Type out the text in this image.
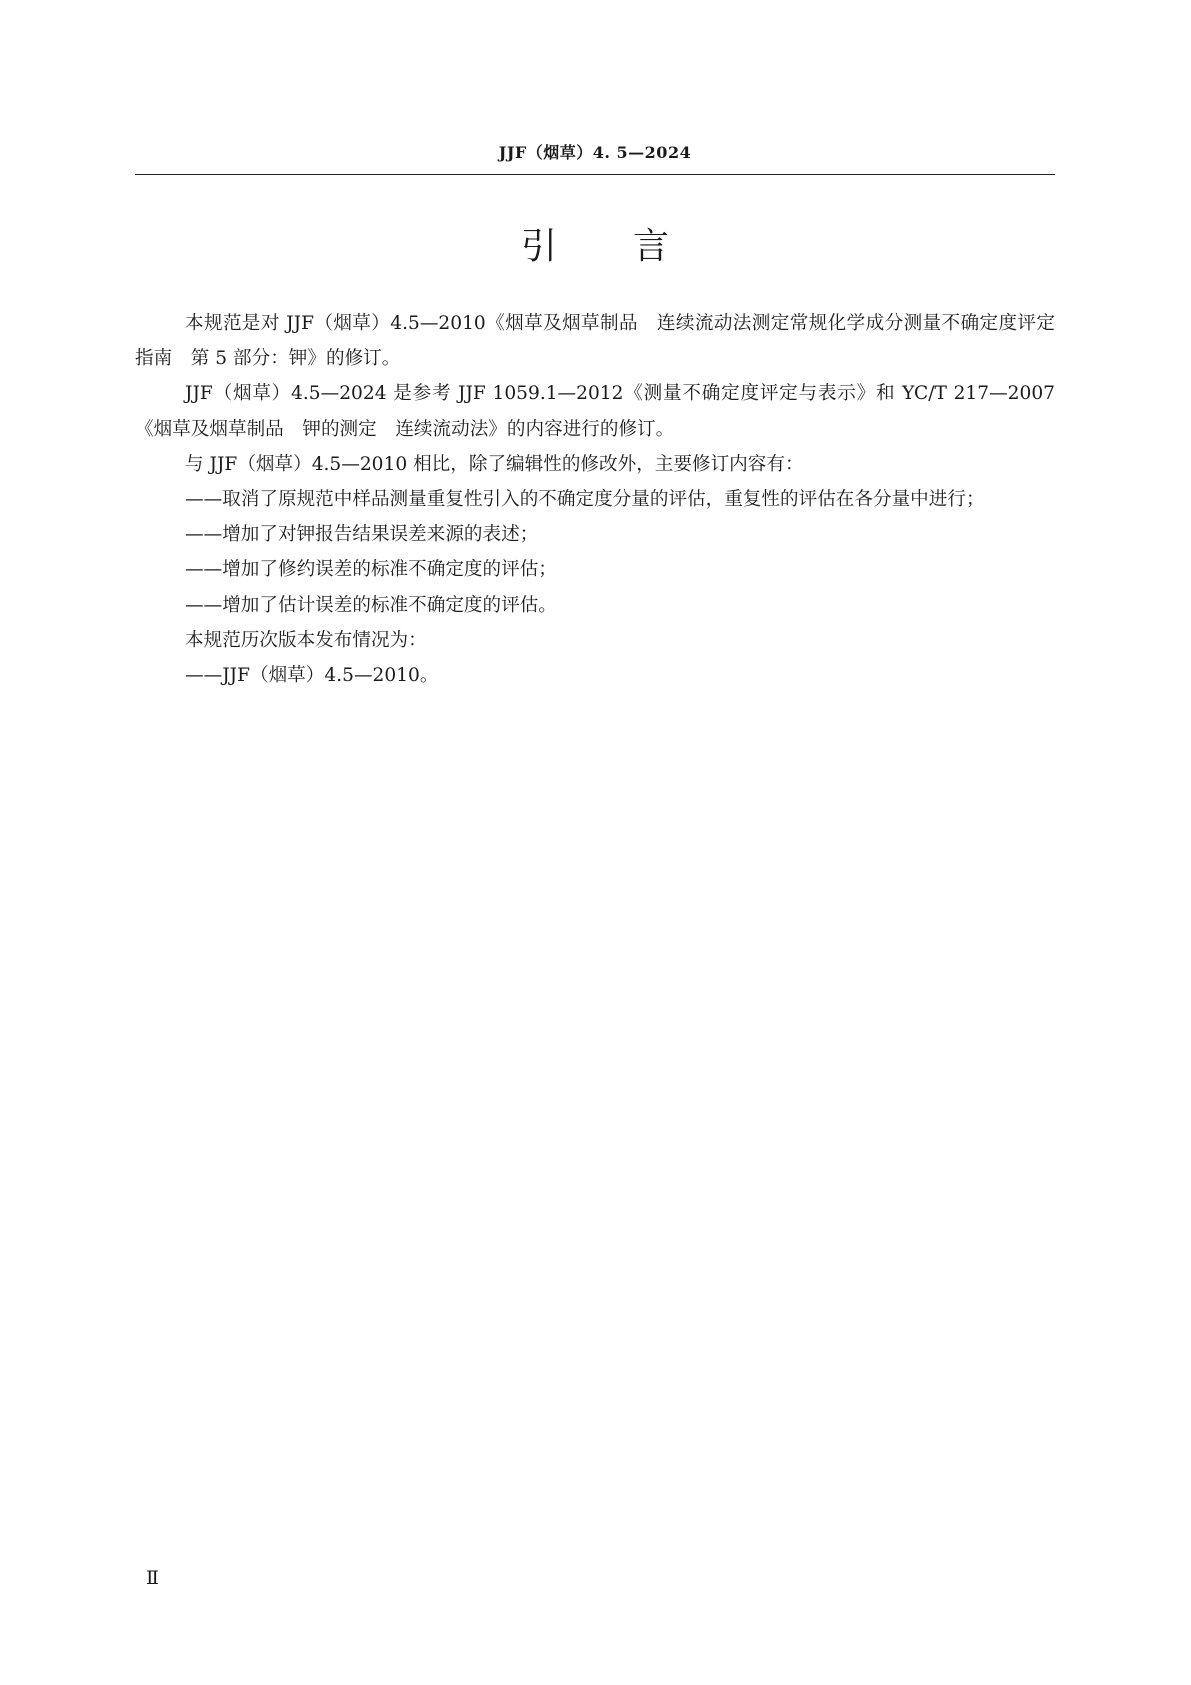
JJF（烟草）4. 5—2024
引言

本规范是对 JJF（烟草）4.5—2010《烟草及烟草制品　连续流动法测定常规化学成分测量不确定度评定指南　第 5 部分：钾》的修订。

JJF（烟草）4.5—2024 是参考 JJF 1059.1—2012《测量不确定度评定与表示》和 YC/T 217—2007《烟草及烟草制品　钾的测定　连续流动法》的内容进行的修订。

与 JJF（烟草）4.5—2010 相比，除了编辑性的修改外，主要修订内容有：

——取消了原规范中样品测量重复性引入的不确定度分量的评估，重复性的评估在各分量中进行；

——增加了对钾报告结果误差来源的表述；

——增加了修约误差的标准不确定度的评估；

——增加了估计误差的标准不确定度的评估。

本规范历次版本发布情况为：

——JJF（烟草）4.5—2010。

Ⅱ
